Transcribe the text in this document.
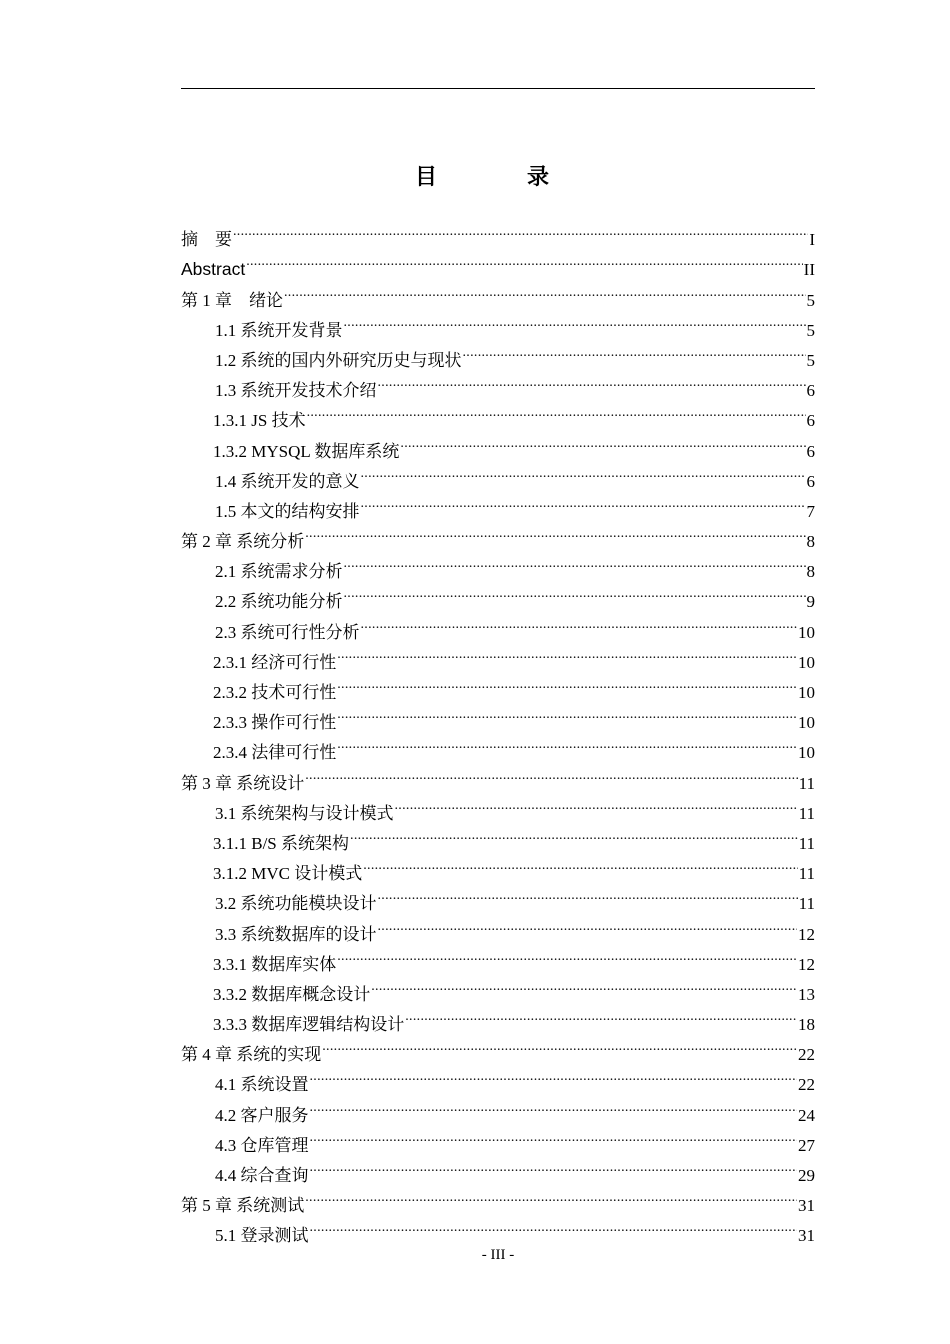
目　录
摘　要 .....	I
Abstract .....	II
第 1 章　绪论 .....	5
1.1 系统开发背景 .....	5
1.2 系统的国内外研究历史与现状 .....	5
1.3 系统开发技术介绍 .....	6
1.3.1 JS 技术 .....	6
1.3.2 MYSQL 数据库系统 .....	6
1.4 系统开发的意义 .....	6
1.5 本文的结构安排 .....	7
第 2 章 系统分析 .....	8
2.1 系统需求分析 .....	8
2.2 系统功能分析 .....	9
2.3 系统可行性分析 .....	10
2.3.1 经济可行性 .....	10
2.3.2 技术可行性 .....	10
2.3.3 操作可行性 .....	10
2.3.4 法律可行性 .....	10
第 3 章 系统设计 .....	11
3.1 系统架构与设计模式 .....	11
3.1.1 B/S 系统架构 .....	11
3.1.2 MVC 设计模式 .....	11
3.2 系统功能模块设计 .....	11
3.3 系统数据库的设计 .....	12
3.3.1 数据库实体 .....	12
3.3.2 数据库概念设计 .....	13
3.3.3 数据库逻辑结构设计 .....	18
第 4 章 系统的实现 .....	22
4.1 系统设置 .....	22
4.2 客户服务 .....	24
4.3 仓库管理 .....	27
4.4 综合查询 .....	29
第 5 章 系统测试 .....	31
5.1 登录测试 .....	31
- III -
